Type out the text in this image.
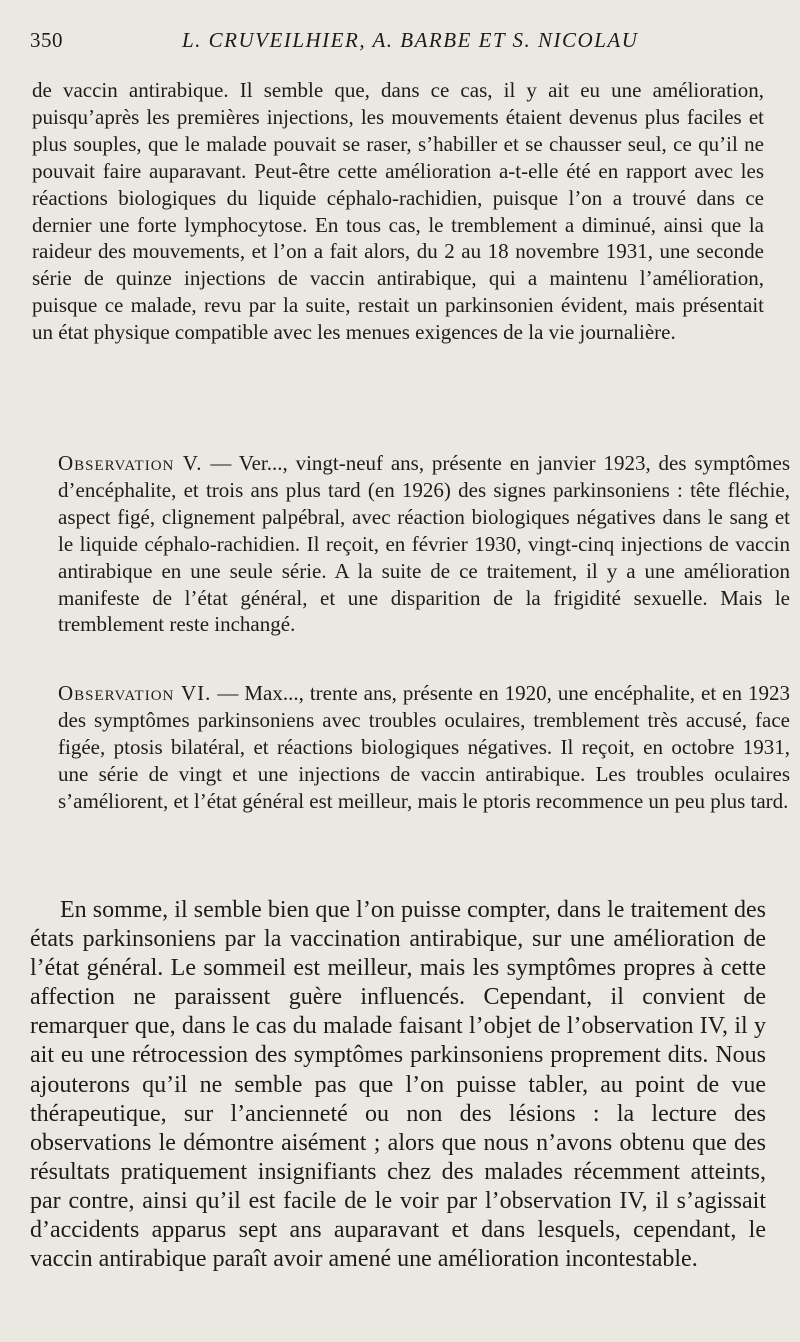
350	L. CRUVEILHIER, A. BARBE ET S. NICOLAU

de vaccin antirabique. Il semble que, dans ce cas, il y ait eu une amélioration, puisqu’après les premières injections, les mouvements étaient devenus plus faciles et plus souples, que le malade pouvait se raser, s’habiller et se chausser seul, ce qu’il ne pouvait faire auparavant. Peut-être cette amélioration a-t-elle été en rapport avec les réactions biologiques du liquide céphalo-rachidien, puisque l’on a trouvé dans ce dernier une forte lymphocytose. En tous cas, le tremblement a diminué, ainsi que la raideur des mouvements, et l’on a fait alors, du 2 au 18 novembre 1931, une seconde série de quinze injections de vaccin antirabique, qui a maintenu l’amélioration, puisque ce malade, revu par la suite, restait un parkinsonien évident, mais présentait un état physique compatible avec les menues exigences de la vie journalière.

Observation V. — Ver..., vingt-neuf ans, présente en janvier 1923, des symptômes d’encéphalite, et trois ans plus tard (en 1926) des signes parkinsoniens : tête fléchie, aspect figé, clignement palpébral, avec réaction biologiques négatives dans le sang et le liquide céphalo-rachidien. Il reçoit, en février 1930, vingt-cinq injections de vaccin antirabique en une seule série. A la suite de ce traitement, il y a une amélioration manifeste de l’état général, et une disparition de la frigidité sexuelle. Mais le tremblement reste inchangé.

Observation VI. — Max..., trente ans, présente en 1920, une encéphalite, et en 1923 des symptômes parkinsoniens avec troubles oculaires, tremblement très accusé, face figée, ptosis bilatéral, et réactions biologiques négatives. Il reçoit, en octobre 1931, une série de vingt et une injections de vaccin antirabique. Les troubles oculaires s’améliorent, et l’état général est meilleur, mais le ptoris recommence un peu plus tard.

En somme, il semble bien que l’on puisse compter, dans le traitement des états parkinsoniens par la vaccination antirabique, sur une amélioration de l’état général. Le sommeil est meilleur, mais les symptômes propres à cette affection ne paraissent guère influencés. Cependant, il convient de remarquer que, dans le cas du malade faisant l’objet de l’observation IV, il y ait eu une rétrocession des symptômes parkinsoniens proprement dits. Nous ajouterons qu’il ne semble pas que l’on puisse tabler, au point de vue thérapeutique, sur l’ancienneté ou non des lésions : la lecture des observations le démontre aisément ; alors que nous n’avons obtenu que des résultats pratiquement insignifiants chez des malades récemment atteints, par contre, ainsi qu’il est facile de le voir par l’observation IV, il s’agissait d’accidents apparus sept ans auparavant et dans lesquels, cependant, le vaccin antirabique paraît avoir amené une amélioration incontestable.
